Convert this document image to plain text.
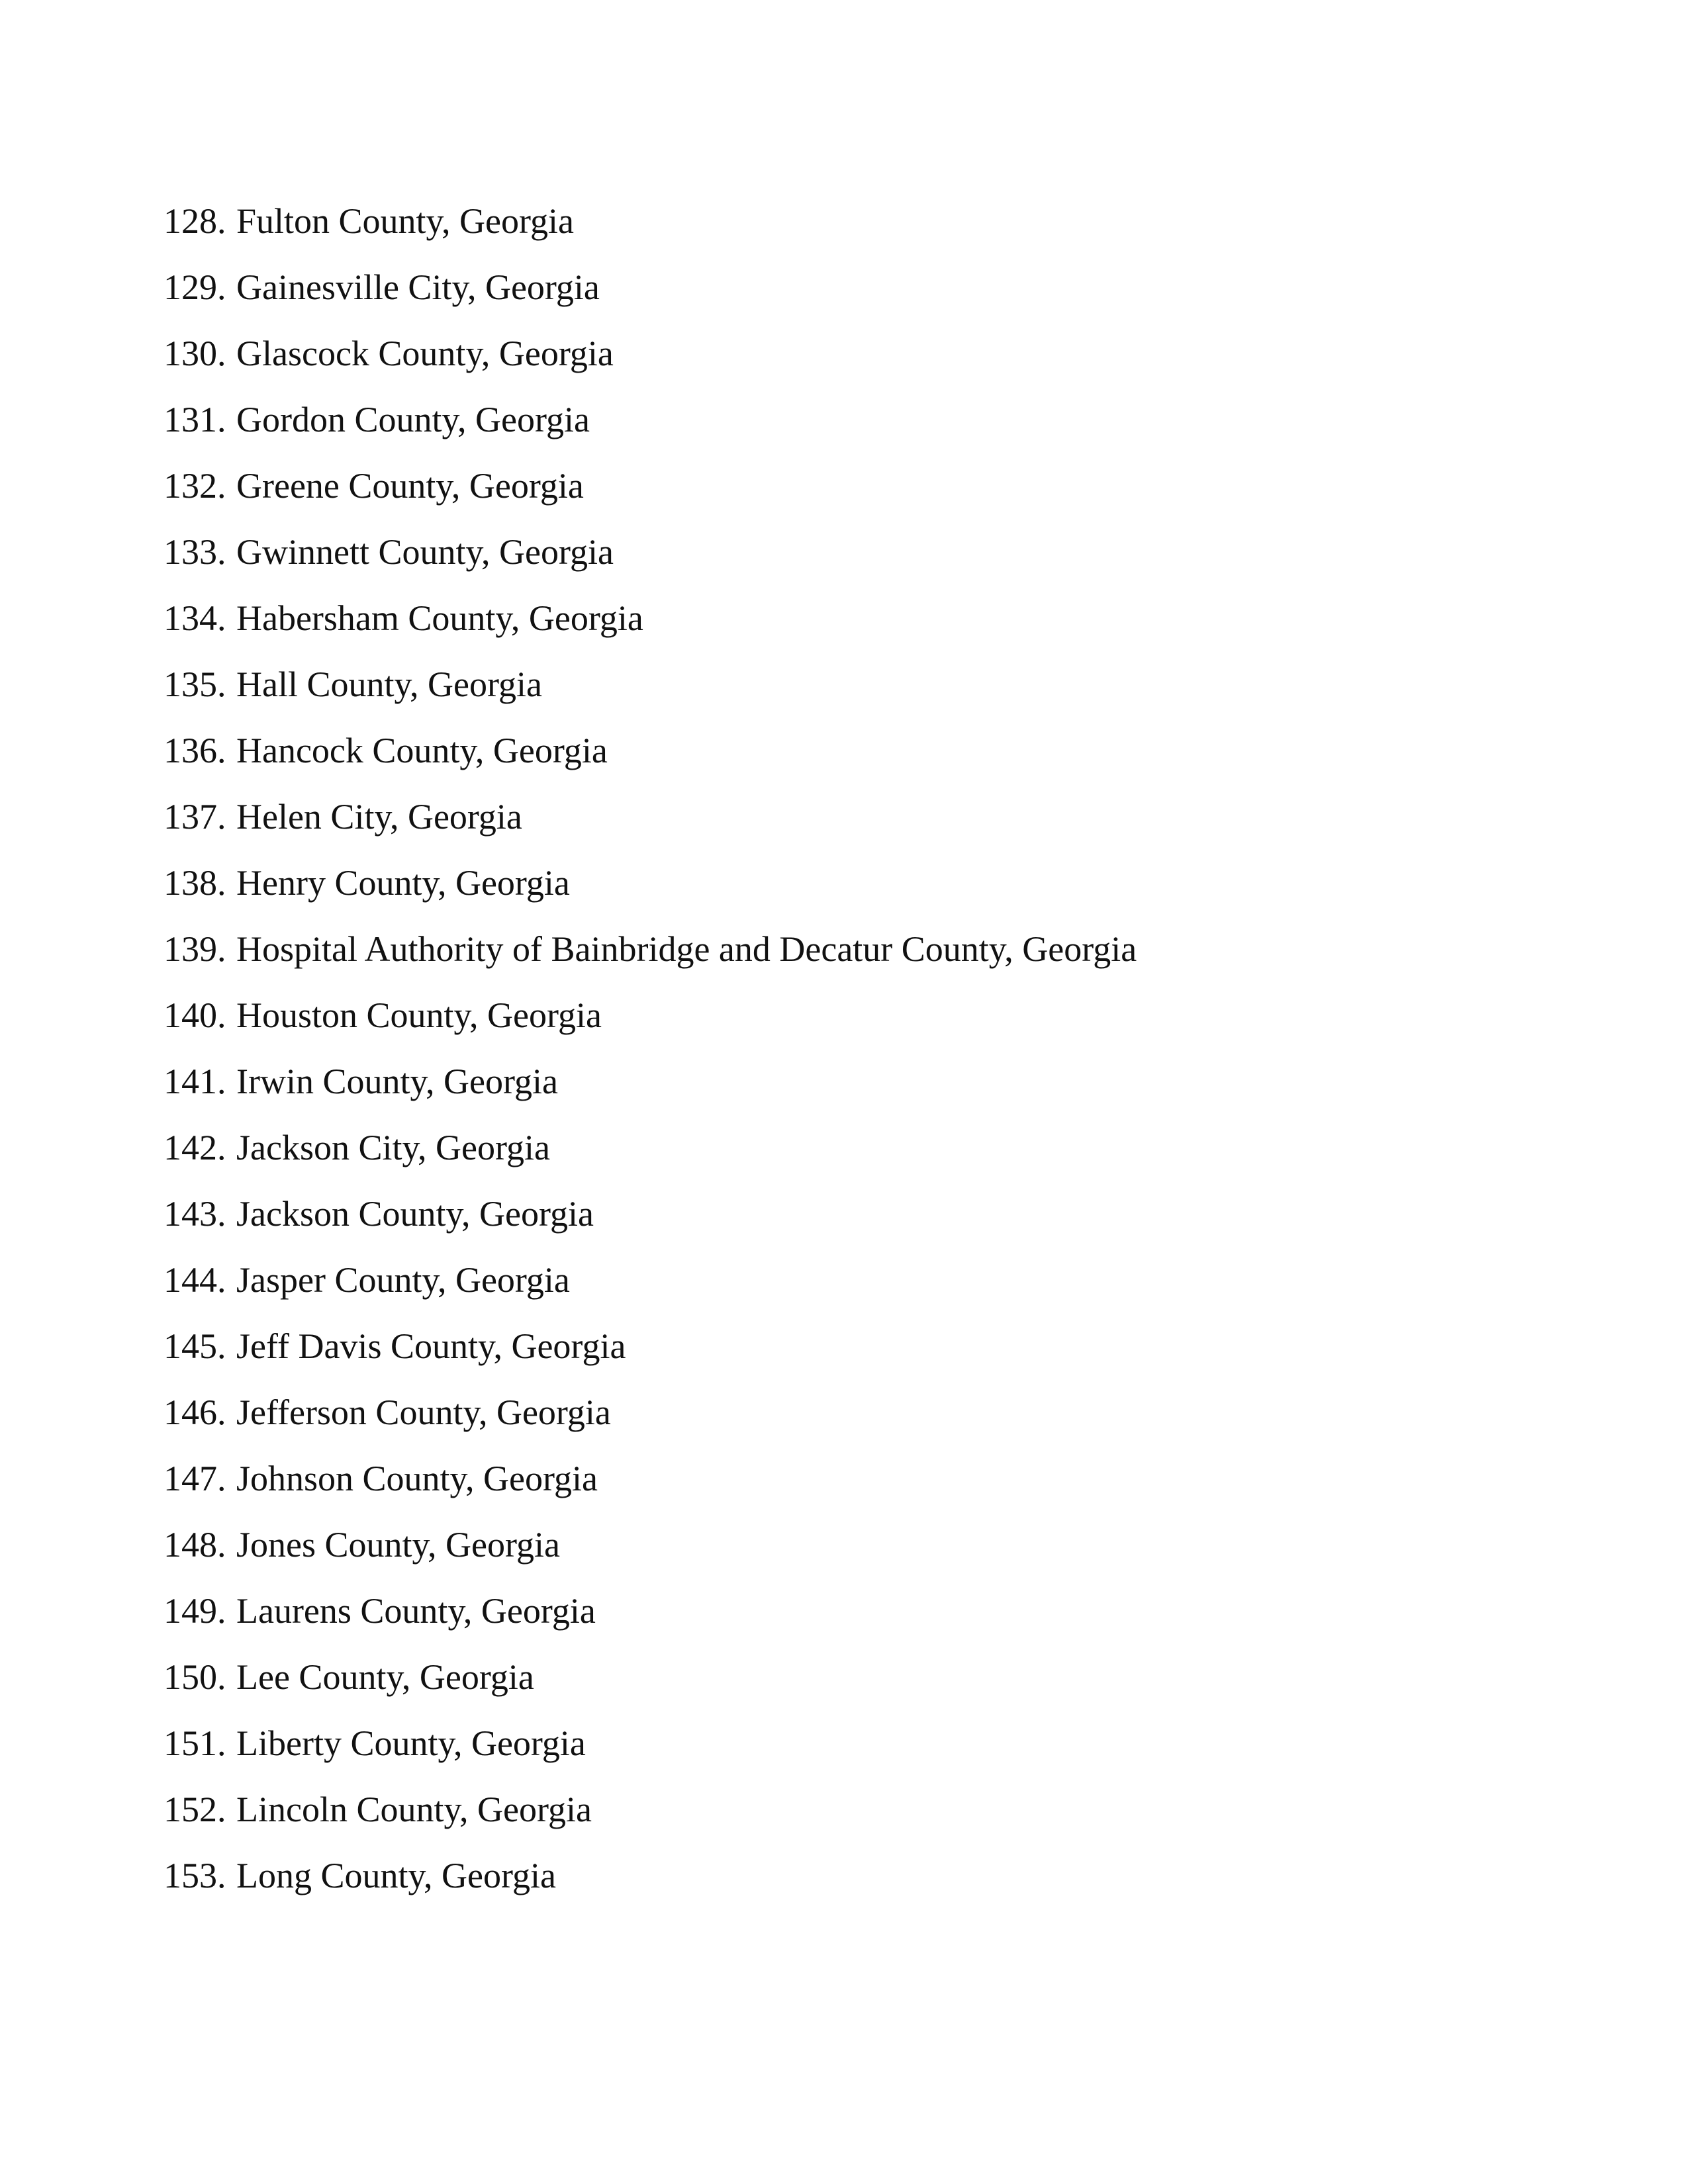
128. Fulton County, Georgia
129. Gainesville City, Georgia
130. Glascock County, Georgia
131. Gordon County, Georgia
132. Greene County, Georgia
133. Gwinnett County, Georgia
134. Habersham County, Georgia
135. Hall County, Georgia
136. Hancock County, Georgia
137. Helen City, Georgia
138. Henry County, Georgia
139. Hospital Authority of Bainbridge and Decatur County, Georgia
140. Houston County, Georgia
141. Irwin County, Georgia
142. Jackson City, Georgia
143. Jackson County, Georgia
144. Jasper County, Georgia
145. Jeff Davis County, Georgia
146. Jefferson County, Georgia
147. Johnson County, Georgia
148. Jones County, Georgia
149. Laurens County, Georgia
150. Lee County, Georgia
151. Liberty County, Georgia
152. Lincoln County, Georgia
153. Long County, Georgia
